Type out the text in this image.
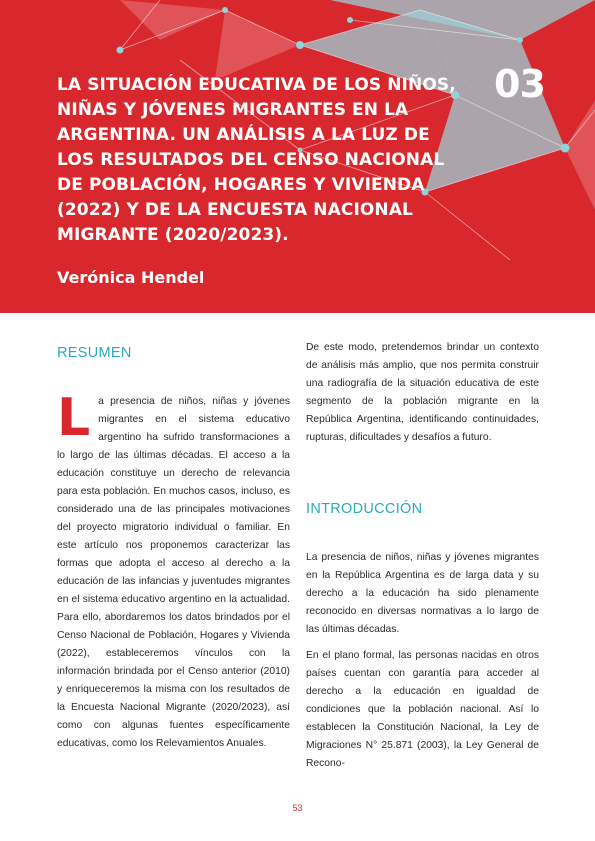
LA SITUACIÓN EDUCATIVA DE LOS NIÑOS, NIÑAS Y JÓVENES MIGRANTES EN LA ARGENTINA. UN ANÁLISIS A LA LUZ DE LOS RESULTADOS DEL CENSO NACIONAL DE POBLACIÓN, HOGARES Y VIVIENDA (2022) Y DE LA ENCUESTA NACIONAL MIGRANTE (2020/2023).
03
Verónica Hendel
RESUMEN
L a presencia de niños, niñas y jóvenes migrantes en el sistema educativo argentino ha sufrido transformaciones a lo largo de las últimas décadas. El acceso a la educación constituye un derecho de relevancia para esta población. En muchos casos, incluso, es considerado una de las principales motivaciones del proyecto migratorio individual o familiar. En este artículo nos proponemos caracterizar las formas que adopta el acceso al derecho a la educación de las infancias y juventudes migrantes en el sistema educativo argentino en la actualidad. Para ello, abordaremos los datos brindados por el Censo Nacional de Población, Hogares y Vivienda (2022), estableceremos vínculos con la información brindada por el Censo anterior (2010) y enriqueceremos la misma con los resultados de la Encuesta Nacional Migrante (2020/2023), así como con algunas fuentes específicamente educativas, como los Relevamientos Anuales.

De este modo, pretendemos brindar un contexto de análisis más amplio, que nos permita construir una radiografía de la situación educativa de este segmento de la población migrante en la República Argentina, identificando continuidades, rupturas, dificultades y desafíos a futuro.

INTRODUCCIÓN

La presencia de niños, niñas y jóvenes migrantes en la República Argentina es de larga data y su derecho a la educación ha sido plenamente reconocido en diversas normativas a lo largo de las últimas décadas.

En el plano formal, las personas nacidas en otros países cuentan con garantía para acceder al derecho a la educación en igualdad de condiciones que la población nacional. Así lo establecen la Constitución Nacional, la Ley de Migraciones N° 25.871 (2003), la Ley General de Recono-

53
